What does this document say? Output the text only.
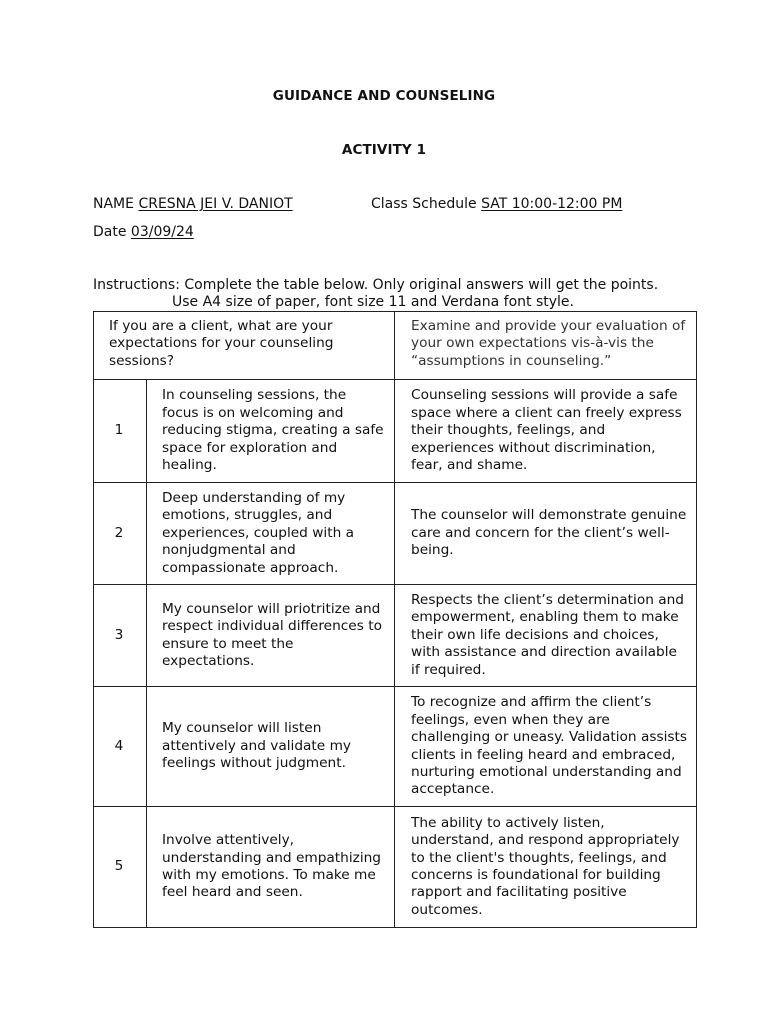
GUIDANCE AND COUNSELING
ACTIVITY 1
NAME CRESNA JEI V. DANIOT	Class Schedule SAT 10:00-12:00 PM
Date 03/09/24
Instructions: Complete the table below. Only original answers will get the points.
Use A4 size of paper, font size 11 and Verdana font style.
If you are a client, what are your expectations for your counseling sessions?		Examine and provide your evaluation of your own expectations vis-à-vis the “assumptions in counseling.”
1	In counseling sessions, the focus is on welcoming and reducing stigma, creating a safe space for exploration and healing.	Counseling sessions will provide a safe space where a client can freely express their thoughts, feelings, and experiences without discrimination, fear, and shame.
2	Deep understanding of my emotions, struggles, and experiences, coupled with a nonjudgmental and compassionate approach.	The counselor will demonstrate genuine care and concern for the client’s well-being.
3	My counselor will priotritize and respect individual differences to ensure to meet the expectations.	Respects the client’s determination and empowerment, enabling them to make their own life decisions and choices, with assistance and direction available if required.
4	My counselor will listen attentively and validate my feelings without judgment.	To recognize and affirm the client’s feelings, even when they are challenging or uneasy. Validation assists clients in feeling heard and embraced, nurturing emotional understanding and acceptance.
5	Involve attentively, understanding and empathizing with my emotions. To make me feel heard and seen.	The ability to actively listen, understand, and respond appropriately to the client's thoughts, feelings, and concerns is foundational for building rapport and facilitating positive outcomes.
